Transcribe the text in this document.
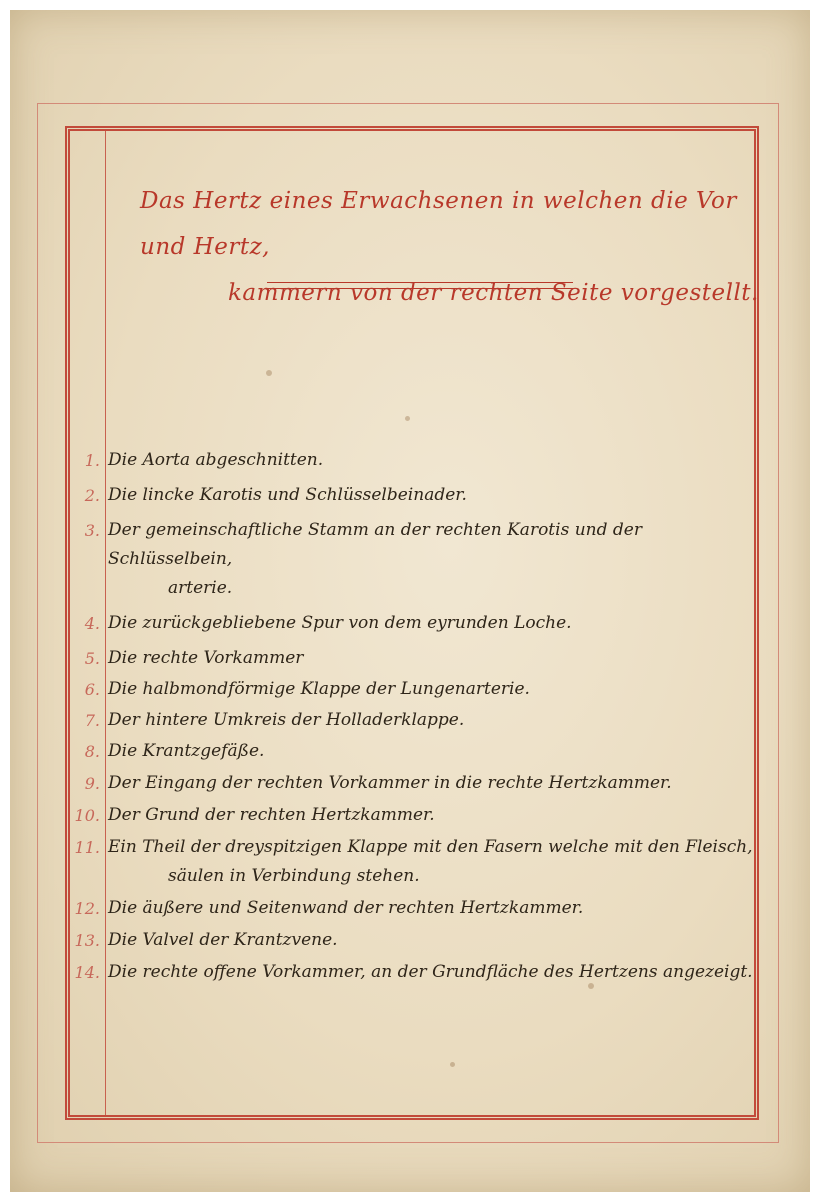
Das Hertz eines Erwachsenen in welchen die Vor und Hertz,
kammern von der rechten Seite vorgestellt.
1. Die Aorta abgeschnitten.
2. Die lincke Karotis und Schlüsselbeinader.
3. Der gemeinschaftliche Stamm an der rechten Karotis und der Schlüsselbein,
arterie.
4. Die zurückgebliebene Spur von dem eyrunden Loche.
5. Die rechte Vorkammer
6. Die halbmondförmige Klappe der Lungenarterie.
7. Der hintere Umkreis der Holladerklappe.
8. Die Krantzgefäße.
9. Der Eingang der rechten Vorkammer in die rechte Hertzkammer.
10. Der Grund der rechten Hertzkammer.
11. Ein Theil der dreyspitzigen Klappe mit den Fasern welche mit den Fleisch,
säulen in Verbindung stehen.
12. Die äußere und Seitenwand der rechten Hertzkammer.
13. Die Valvel der Krantzvene.
14. Die rechte offene Vorkammer, an der Grundfläche des Hertzens angezeigt.
